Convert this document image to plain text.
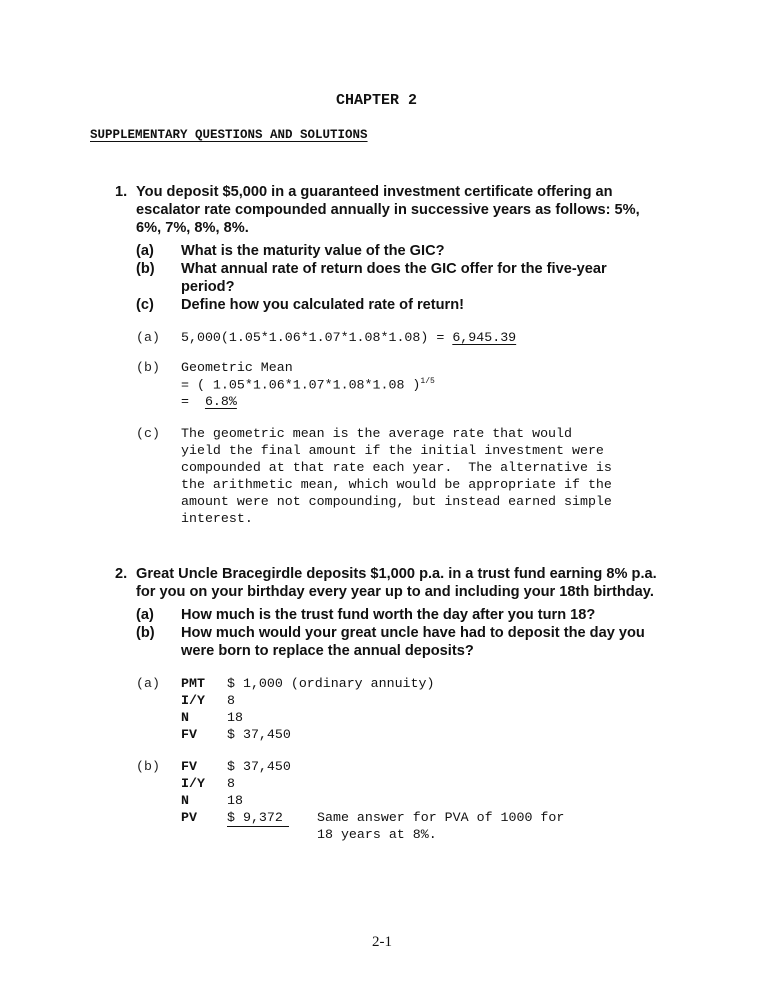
CHAPTER 2
SUPPLEMENTARY QUESTIONS AND SOLUTIONS
1. You deposit $5,000 in a guaranteed investment certificate offering an
escalator rate compounded annually in successive years as follows: 5%,
6%, 7%, 8%, 8%.
(a) What is the maturity value of the GIC?
(b) What annual rate of return does the GIC offer for the five-year
period?
(c) Define how you calculated rate of return!
(a) 5,000(1.05*1.06*1.07*1.08*1.08) = 6,945.39
(b) Geometric Mean
= ( 1.05*1.06*1.07*1.08*1.08 )$^{1/5}$
=  6.8%
(c) The geometric mean is the average rate that would
yield the final amount if the initial investment were
compounded at that rate each year.  The alternative is
the arithmetic mean, which would be appropriate if the
amount were not compounding, but instead earned simple
interest.
2. Great Uncle Bracegirdle deposits $1,000 p.a. in a trust fund earning 8% p.a.
for you on your birthday every year up to and including your 18th birthday.
(a) How much is the trust fund worth the day after you turn 18?
(b) How much would your great uncle have had to deposit the day you
were born to replace the annual deposits?
(a) PMT $ 1,000 (ordinary annuity)
I/Y 8
N	18
FV $ 37,450
(b) FV $ 37,450
I/Y 8
N	18
PV $ 9,372	Same answer for PVA of 1000 for
18 years at 8%.
2-1
